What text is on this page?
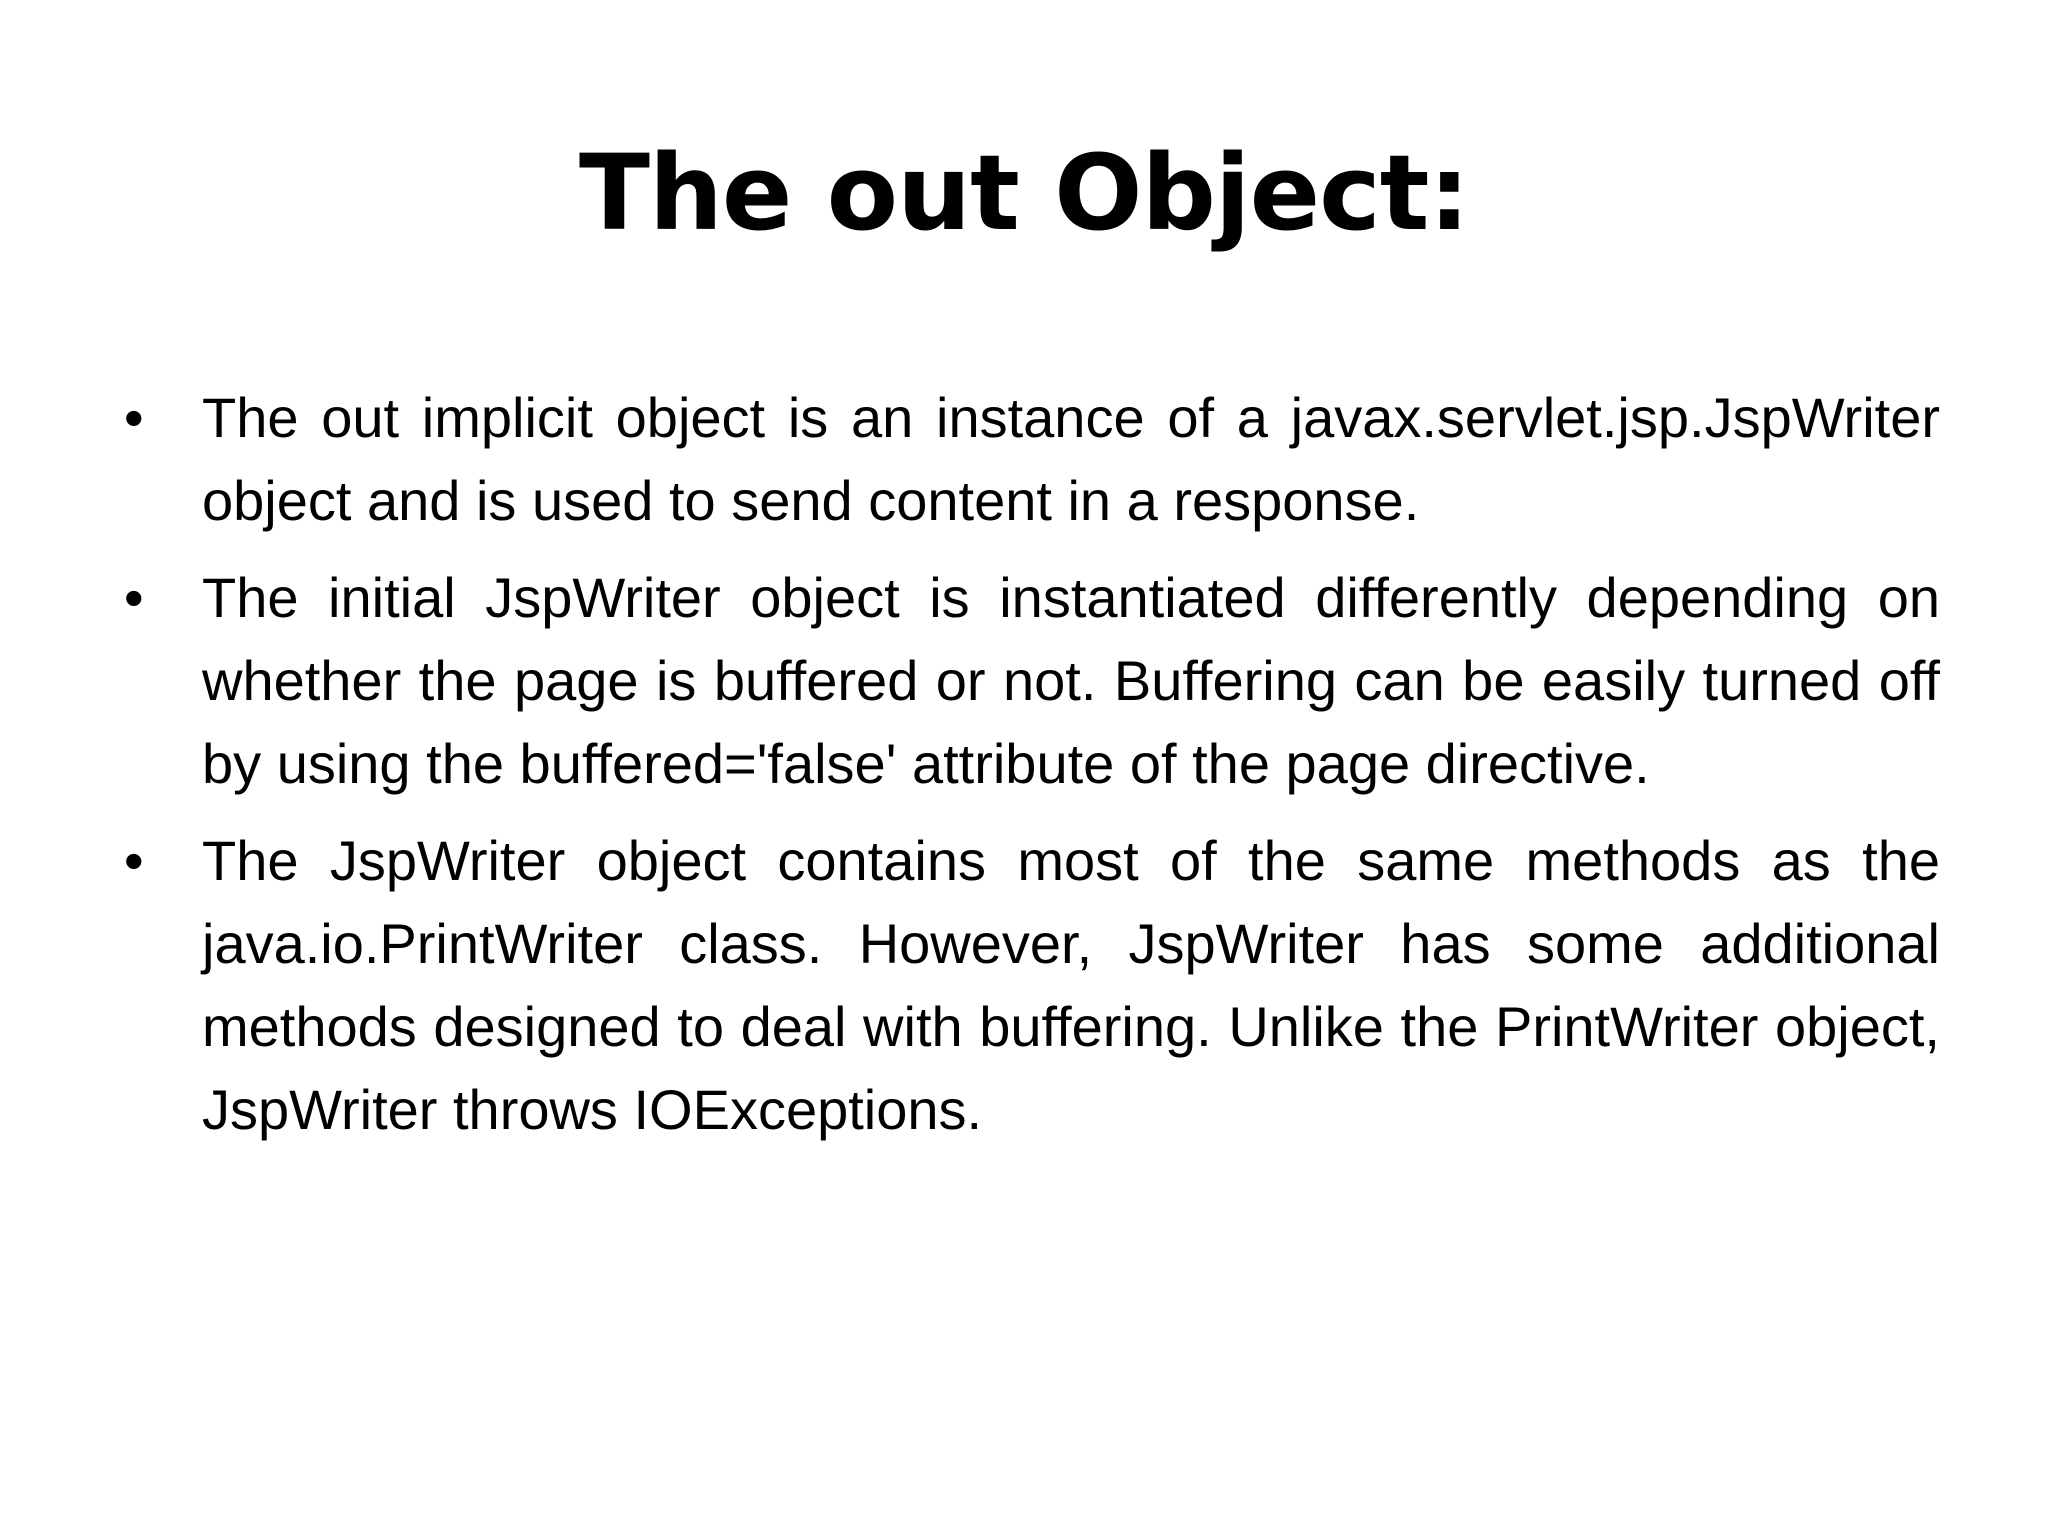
The out Object:
• The out implicit object is an instance of a javax.servlet.jsp.JspWriter object and is used to send content in a response.
• The initial JspWriter object is instantiated differently depending on whether the page is buffered or not. Buffering can be easily turned off by using the buffered='false' attribute of the page directive.
• The JspWriter object contains most of the same methods as the java.io.PrintWriter class. However, JspWriter has some additional methods designed to deal with buffering. Unlike the PrintWriter object, JspWriter throws IOExceptions.
